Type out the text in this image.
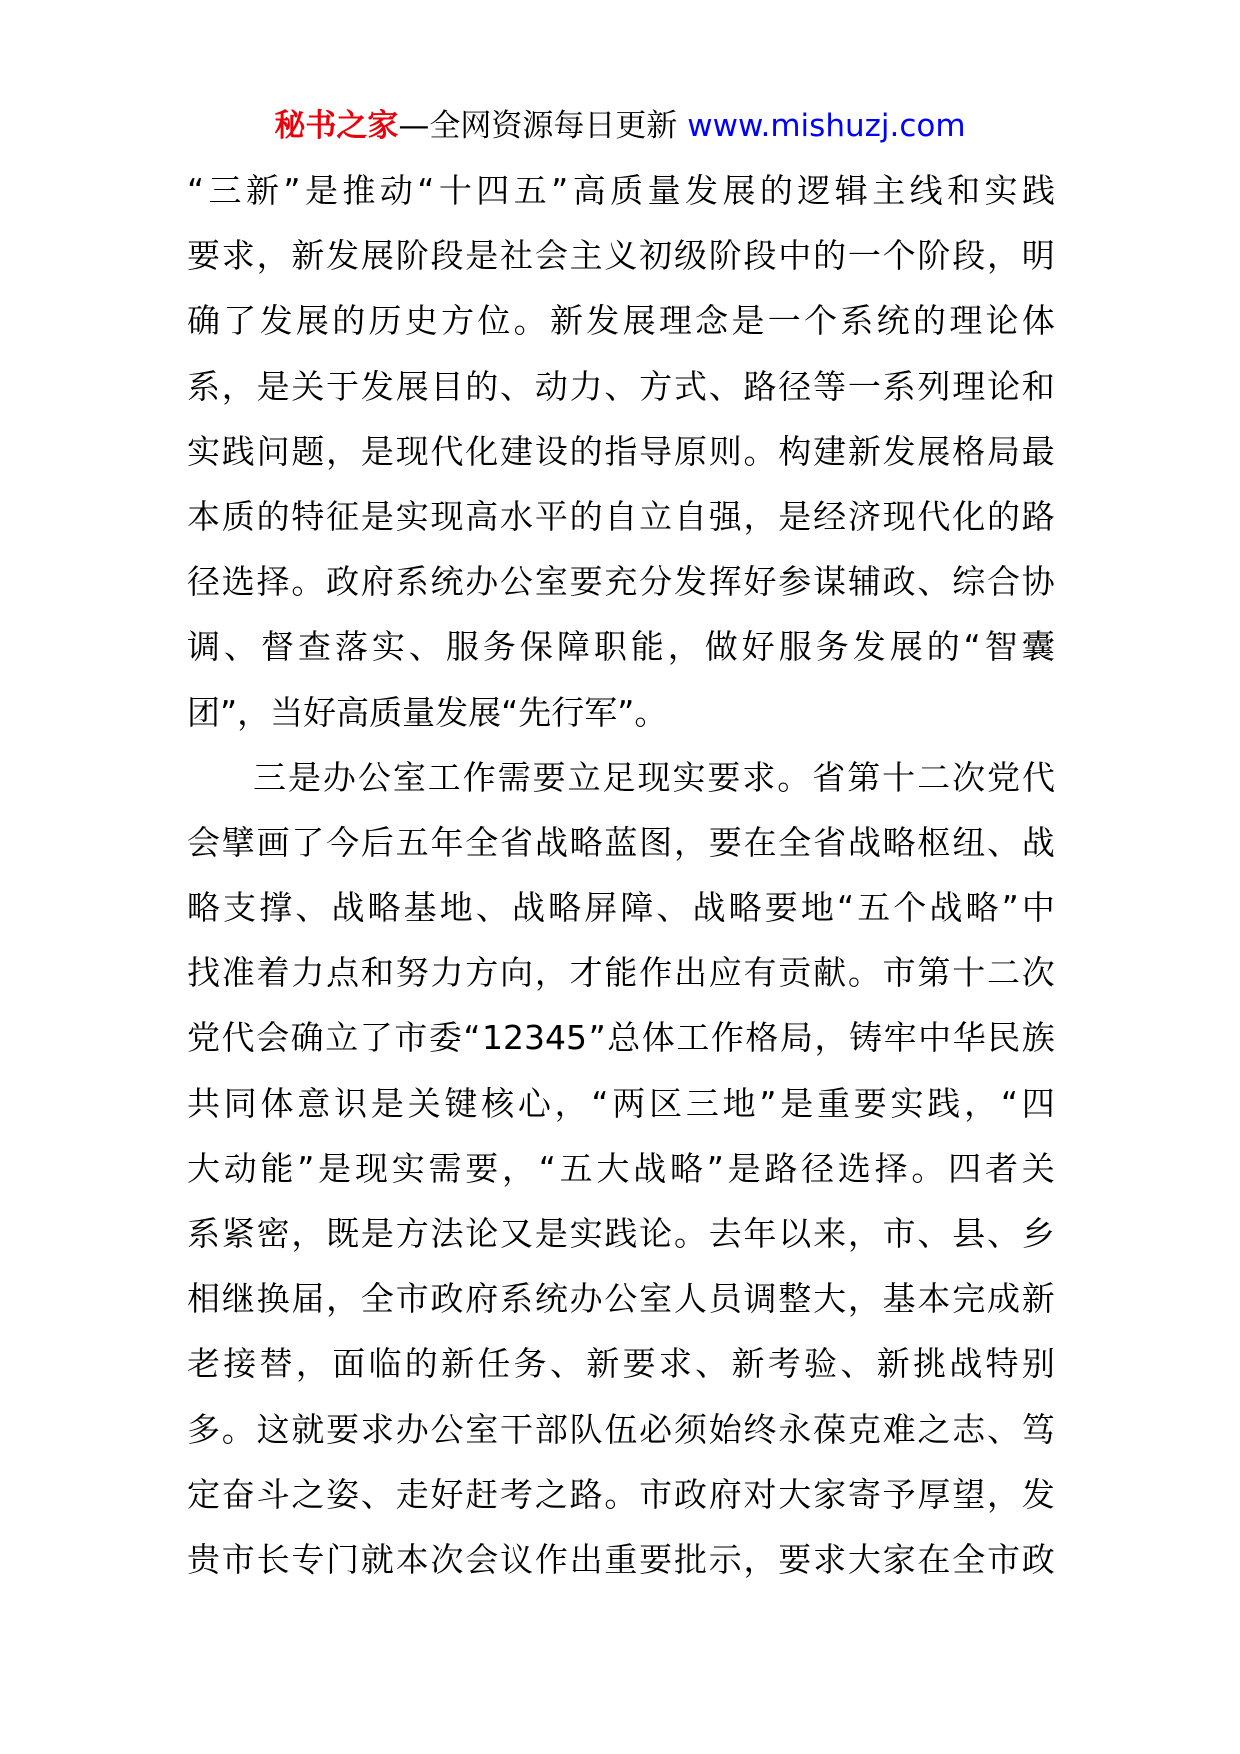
秘书之家—全网资源每日更新 www.mishuzj.com
“ 三 新 ” 是 推 动 “ 十 四 五 ” 高 质 量 发 展 的 逻 辑 主 线 和 实 践
要 求 ， 新 发 展 阶 段 是 社 会 主 义 初 级 阶 段 中 的 一 个 阶 段 ， 明
确 了 发 展 的 历 史 方 位 。 新 发 展 理 念 是 一 个 系 统 的 理 论 体
系 ， 是 关 于 发 展 目 的 、 动 力 、 方 式 、 路 径 等 一 系 列 理 论 和
实 践 问 题 ， 是 现 代 化 建 设 的 指 导 原 则 。 构 建 新 发 展 格 局 最
本 质 的 特 征 是 实 现 高 水 平 的 自 立 自 强 ， 是 经 济 现 代 化 的 路
径 选 择 。 政 府 系 统 办 公 室 要 充 分 发 挥 好 参 谋 辅 政 、 综 合 协
调 、 督 查 落 实 、 服 务 保 障 职 能 ， 做 好 服 务 发 展 的 “ 智 囊
团 ” ， 当 好 高 质 量 发 展 “ 先 行 军 ” 。
三 是 办 公 室 工 作 需 要 立 足 现 实 要 求 。 省 第 十 二 次 党 代
会 擘 画 了 今 后 五 年 全 省 战 略 蓝 图 ， 要 在 全 省 战 略 枢 纽 、 战
略 支 撑 、 战 略 基 地 、 战 略 屏 障 、 战 略 要 地 “ 五 个 战 略 ” 中
找 准 着 力 点 和 努 力 方 向 ， 才 能 作 出 应 有 贡 献 。 市 第 十 二 次
党 代 会 确 立 了 市 委 “ 12345 ” 总 体 工 作 格 局 ， 铸 牢 中 华 民 族
共 同 体 意 识 是 关 键 核 心 ， “ 两 区 三 地 ” 是 重 要 实 践 ， “ 四
大 动 能 ” 是 现 实 需 要 ， “ 五 大 战 略 ” 是 路 径 选 择 。 四 者 关
系 紧 密 ， 既 是 方 法 论 又 是 实 践 论 。 去 年 以 来 ， 市 、 县 、 乡
相 继 换 届 ， 全 市 政 府 系 统 办 公 室 人 员 调 整 大 ， 基 本 完 成 新
老 接 替 ， 面 临 的 新 任 务 、 新 要 求 、 新 考 验 、 新 挑 战 特 别
多 。 这 就 要 求 办 公 室 干 部 队 伍 必 须 始 终 永 葆 克 难 之 志 、 笃
定 奋 斗 之 姿 、 走 好 赶 考 之 路 。 市 政 府 对 大 家 寄 予 厚 望 ， 发
贵 市 长 专 门 就 本 次 会 议 作 出 重 要 批 示 ， 要 求 大 家 在 全 市 政
